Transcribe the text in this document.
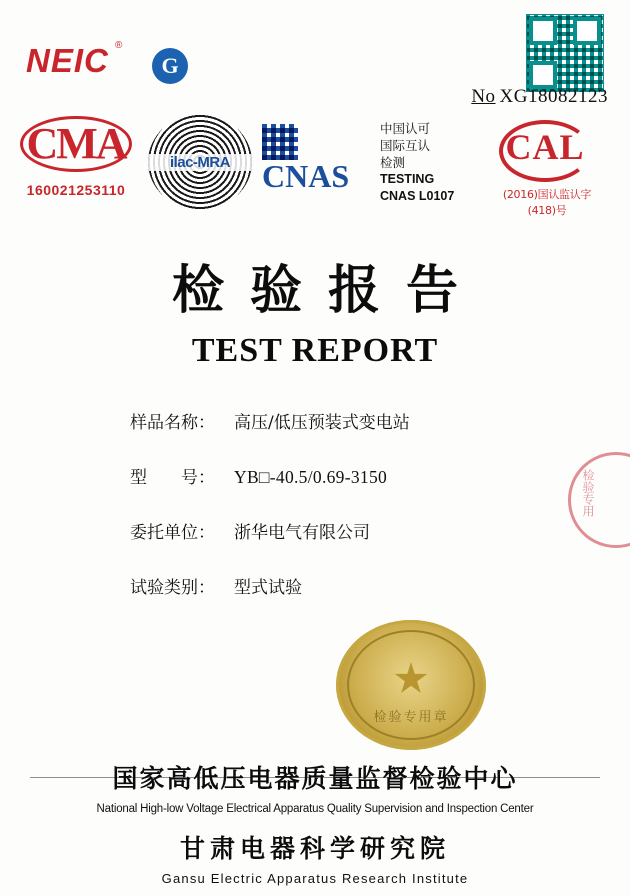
NEIC ®
G
No XG18082123
CMA
160021253110
ilac-MRA CNAS
中国认可
国际互认
检测
TESTING
CNAS L0107
CAL
(2016)国认监认字(418)号
检验报告
TEST REPORT
样品名称：	高压/低压预装式变电站
型　　号：	YB□-40.5/0.69-3150
委托单位：	浙华电气有限公司
试验类别：	型式试验
检验专用章
检验专用
国家高低压电器质量监督检验中心
National High-low Voltage Electrical Apparatus Quality Supervision and Inspection Center
甘肃电器科学研究院
Gansu Electric Apparatus Research Institute
